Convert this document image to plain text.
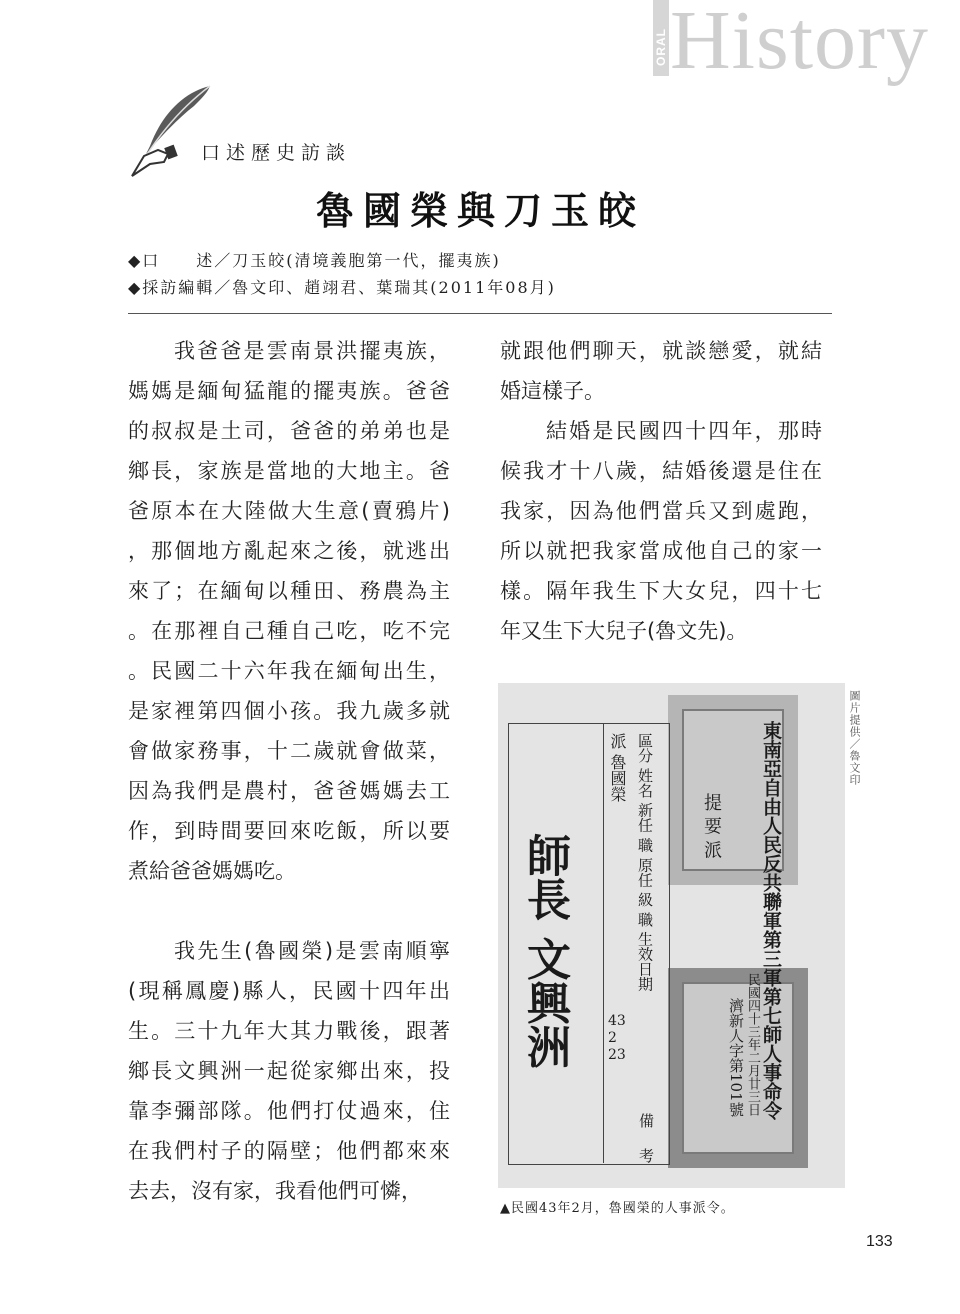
ORAL History
口述歷史訪談
魯國榮與刀玉皎
◆口　　述／刀玉皎(清境義胞第一代，擺夷族)
◆採訪編輯／魯文印、趙翊君、葉瑞其(2011年08月)
我爸爸是雲南景洪擺夷族，
媽媽是緬甸猛龍的擺夷族。爸爸
的叔叔是土司，爸爸的弟弟也是
鄉長，家族是當地的大地主。爸
爸原本在大陸做大生意(賣鴉片)
，那個地方亂起來之後，就逃出
來了；在緬甸以種田、務農為主
。在那裡自己種自己吃，吃不完
。民國二十六年我在緬甸出生，
是家裡第四個小孩。我九歲多就
會做家務事，十二歲就會做菜，
因為我們是農村，爸爸媽媽去工
作，到時間要回來吃飯，所以要
煮給爸爸媽媽吃。
我先生(魯國榮)是雲南順寧
(現稱鳳慶)縣人，民國十四年出
生。三十九年大其力戰後，跟著
鄉長文興洲一起從家鄉出來，投
靠李彌部隊。他們打仗過來，住
在我們村子的隔壁；他們都來來
去去，沒有家，我看他們可憐，
就跟他們聊天，就談戀愛，就結
婚這樣子。
結婚是民國四十四年，那時
候我才十八歲，結婚後還是住在
我家，因為他們當兵又到處跑，
所以就把我家當成他自己的家一
樣。隔年我生下大女兒，四十七
年又生下大兒子(魯文先)。
東南亞自由人民反共聯軍第三軍第七師人事命令
民國四十三年二月廿三日
濟新人字第101號
提 要 派
師長 文興洲
派 魯國榮 區分 姓名 新任 職 原任 級 職 生效日期
43
2
23
備考
圖片提供／魯文印
▲民國43年2月，魯國榮的人事派令。
133
